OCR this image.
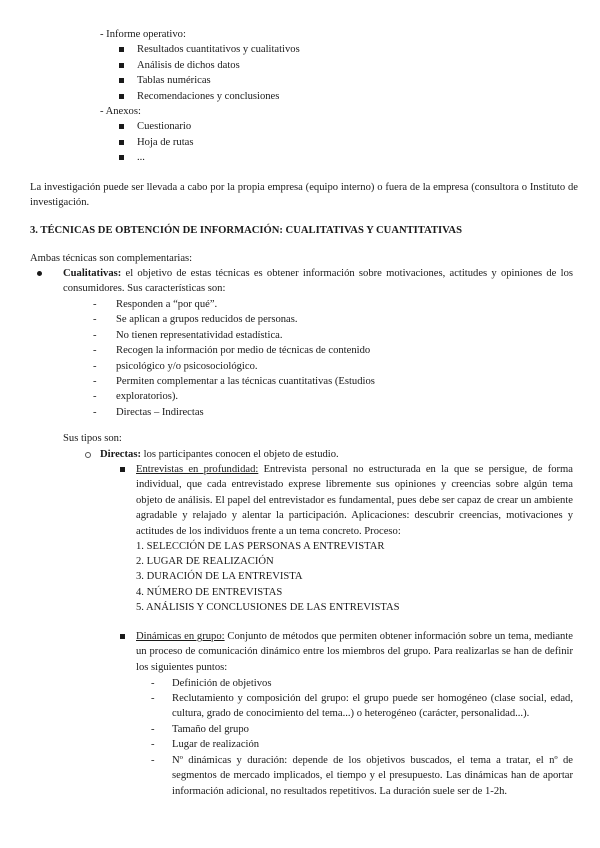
- Informe operativo:
Resultados cuantitativos y cualitativos
Análisis de dichos datos
Tablas numéricas
Recomendaciones y conclusiones
- Anexos:
Cuestionario
Hoja de rutas
...
La investigación puede ser llevada a cabo por la propia empresa (equipo interno) o fuera de la empresa (consultora o Instituto de investigación.
3. TÉCNICAS DE OBTENCIÓN DE INFORMACIÓN: CUALITATIVAS Y CUANTITATIVAS
Ambas técnicas son complementarias:
Cualitativas: el objetivo de estas técnicas es obtener información sobre motivaciones, actitudes y opiniones de los consumidores. Sus características son:
Sus tipos son:
Directas: los participantes conocen el objeto de estudio.
Entrevistas en profundidad: Entrevista personal no estructurada en la que se persigue, de forma individual, que cada entrevistado exprese libremente sus opiniones y creencias sobre algún tema objeto de análisis. El papel del entrevistador es fundamental, pues debe ser capaz de crear un ambiente agradable y relajado y alentar la participación. Aplicaciones: descubrir creencias, motivaciones y actitudes de los individuos frente a un tema concreto. Proceso:
Dinámicas en grupo: Conjunto de métodos que permiten obtener información sobre un tema, mediante un proceso de comunicación dinámico entre los miembros del grupo. Para realizarlas se han de definir los siguientes puntos:
- Responden a “por qué”.
- Se aplican a grupos reducidos de personas.
- No tienen representatividad estadística.
- Recogen la información por medio de técnicas de contenido
- psicológico y/o psicosociológico.
- Permiten complementar a las técnicas cuantitativas (Estudios
- exploratorios).
- Directas – Indirectas
1. SELECCIÓN DE LAS PERSONAS A ENTREVISTAR
2. LUGAR DE REALIZACIÓN
3. DURACIÓN DE LA ENTREVISTA
4. NÚMERO DE ENTREVISTAS
5. ANÁLISIS Y CONCLUSIONES DE LAS ENTREVISTAS
- Definición de objetivos
- Reclutamiento y composición del grupo: el grupo puede ser homogéneo (clase social, edad, cultura, grado de conocimiento del tema...) o heterogéneo (carácter, personalidad...).
- Tamaño del grupo
- Lugar de realización
- Nº dinámicas y duración: depende de los objetivos buscados, el tema a tratar, el nº de segmentos de mercado implicados, el tiempo y el presupuesto. Las dinámicas han de aportar información adicional, no resultados repetitivos. La duración suele ser de 1-2h.
